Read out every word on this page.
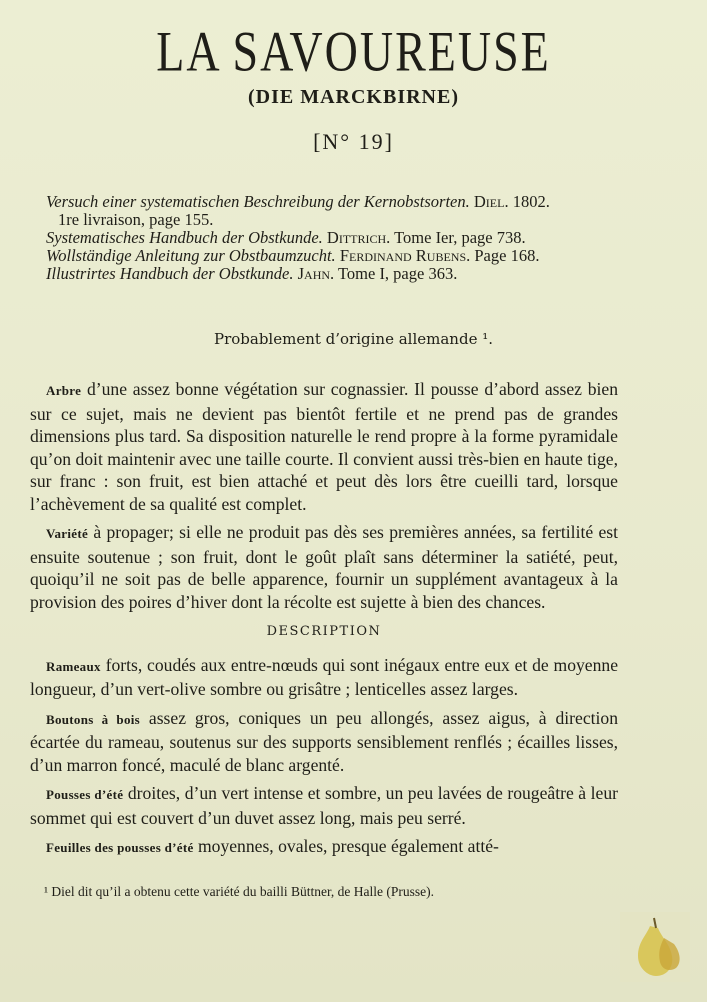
LA SAVOUREUSE
(DIE MARCKBIRNE)
[N° 19]

Versuch einer systematischen Beschreibung der Kernobstsorten. Diel. 1802.
1re livraison, page 155.

Systematisches Handbuch der Obstkunde. Dittrich. Tome Ier, page 738.

Wollständige Anleitung zur Obstbaumzucht. Ferdinand Rubens. Page 168.

Illustrirtes Handbuch der Obstkunde. Jahn. Tome I, page 363.

Probablement d’origine allemande ¹.

Arbre d’une assez bonne végétation sur cognassier. Il pousse d’abord assez bien sur ce sujet, mais ne devient pas bientôt fertile et ne prend pas de grandes dimensions plus tard. Sa disposition naturelle le rend propre à la forme pyramidale qu’on doit maintenir avec une taille courte. Il convient aussi très-bien en haute tige, sur franc : son fruit, est bien attaché et peut dès lors être cueilli tard, lorsque l’achèvement de sa qualité est complet.

Variété à propager; si elle ne produit pas dès ses premières années, sa fertilité est ensuite soutenue ; son fruit, dont le goût plaît sans déterminer la satiété, peut, quoiqu’il ne soit pas de belle apparence, fournir un supplément avantageux à la provision des poires d’hiver dont la récolte est sujette à bien des chances.

DESCRIPTION

Rameaux forts, coudés aux entre-nœuds qui sont inégaux entre eux et de moyenne longueur, d’un vert-olive sombre ou grisâtre ; lenticelles assez larges.

Boutons à bois assez gros, coniques un peu allongés, assez aigus, à direction écartée du rameau, soutenus sur des supports sensiblement renflés ; écailles lisses, d’un marron foncé, maculé de blanc argenté.

Pousses d’été droites, d’un vert intense et sombre, un peu lavées de rougeâtre à leur sommet qui est couvert d’un duvet assez long, mais peu serré.

Feuilles des pousses d’été moyennes, ovales, presque également atté-

¹ Diel dit qu’il a obtenu cette variété du bailli Büttner, de Halle (Prusse).
